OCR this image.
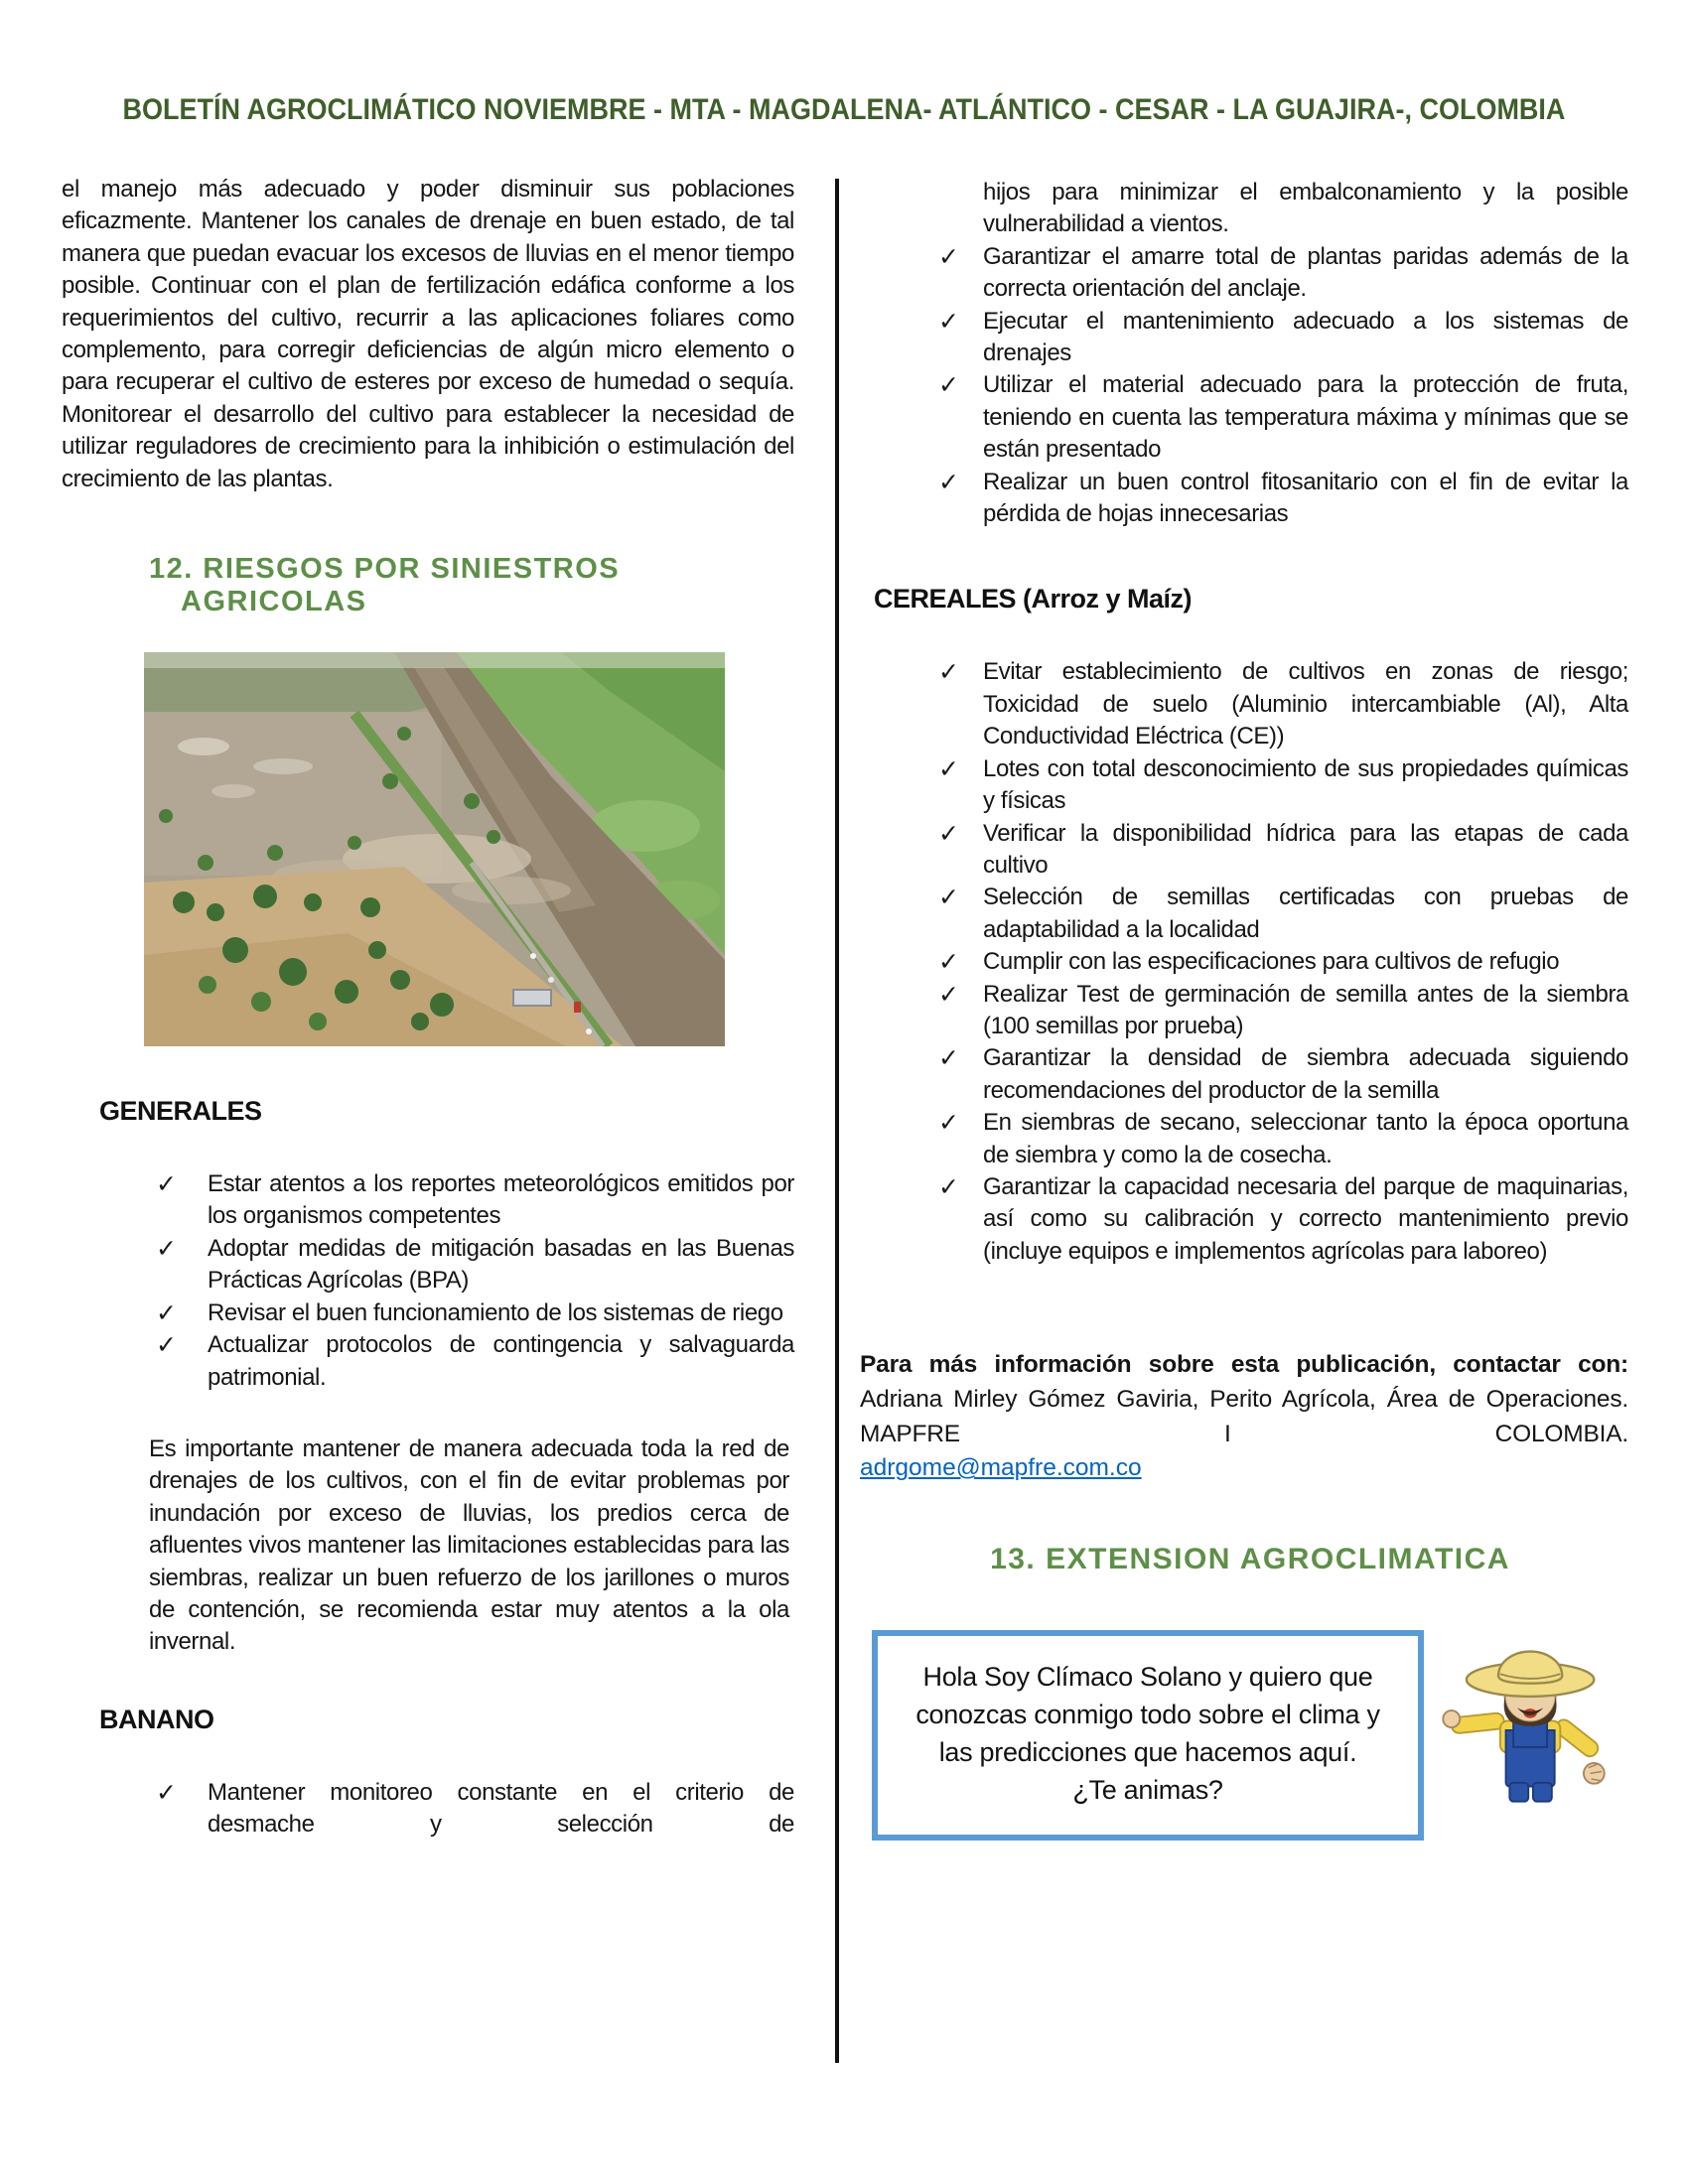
BOLETÍN AGROCLIMÁTICO NOVIEMBRE - MTA - MAGDALENA- ATLÁNTICO - CESAR - LA GUAJIRA-, COLOMBIA
el manejo más adecuado y poder disminuir sus poblaciones eficazmente. Mantener los canales de drenaje en buen estado, de tal manera que puedan evacuar los excesos de lluvias en el menor tiempo posible. Continuar con el plan de fertilización edáfica conforme a los requerimientos del cultivo, recurrir a las aplicaciones foliares como complemento, para corregir deficiencias de algún micro elemento o para recuperar el cultivo de esteres por exceso de humedad o sequía. Monitorear el desarrollo del cultivo para establecer la necesidad de utilizar reguladores de crecimiento para la inhibición o estimulación del crecimiento de las plantas.
12. RIESGOS POR SINIESTROS
AGRICOLAS
GENERALES
✓	Estar atentos a los reportes meteorológicos emitidos por los organismos competentes
✓	Adoptar medidas de mitigación basadas en las Buenas Prácticas Agrícolas (BPA)
✓	Revisar el buen funcionamiento de los sistemas de riego
✓	Actualizar protocolos de contingencia y salvaguarda patrimonial.
Es importante mantener de manera adecuada toda la red de drenajes de los cultivos, con el fin de evitar problemas por inundación por exceso de lluvias, los predios cerca de afluentes vivos mantener las limitaciones establecidas para las siembras, realizar un buen refuerzo de los jarillones o muros de contención, se recomienda estar muy atentos a la ola invernal.
BANANO
✓	Mantener monitoreo constante en el criterio de desmache y selección de
hijos para minimizar el embalconamiento y la posible vulnerabilidad a vientos.
✓	Garantizar el amarre total de plantas paridas además de la correcta orientación del anclaje.
✓	Ejecutar el mantenimiento adecuado a los sistemas de drenajes
✓	Utilizar el material adecuado para la protección de fruta, teniendo en cuenta las temperatura máxima y mínimas que se están presentado
✓	Realizar un buen control fitosanitario con el fin de evitar la pérdida de hojas innecesarias
CEREALES (Arroz y Maíz)
✓	Evitar establecimiento de cultivos en zonas de riesgo; Toxicidad de suelo (Aluminio intercambiable (Al), Alta Conductividad Eléctrica (CE))
✓	Lotes con total desconocimiento de sus propiedades químicas y físicas
✓	Verificar la disponibilidad hídrica para las etapas de cada cultivo
✓	Selección de semillas certificadas con pruebas de adaptabilidad a la localidad
✓	Cumplir con las especificaciones para cultivos de refugio
✓	Realizar Test de germinación de semilla antes de la siembra (100 semillas por prueba)
✓	Garantizar la densidad de siembra adecuada siguiendo recomendaciones del productor de la semilla
✓	En siembras de secano, seleccionar tanto la época oportuna de siembra y como la de cosecha.
✓	Garantizar la capacidad necesaria del parque de maquinarias, así como su calibración y correcto mantenimiento previo (incluye equipos e implementos agrícolas para laboreo)
Para más información sobre esta publicación, contactar con: Adriana Mirley Gómez Gaviria, Perito Agrícola, Área de Operaciones. MAPFRE I COLOMBIA.
adrgome@mapfre.com.co
13. EXTENSION AGROCLIMATICA
Hola Soy Clímaco Solano y quiero que
conozcas conmigo todo sobre el clima y
las predicciones que hacemos aquí.
¿Te animas?
